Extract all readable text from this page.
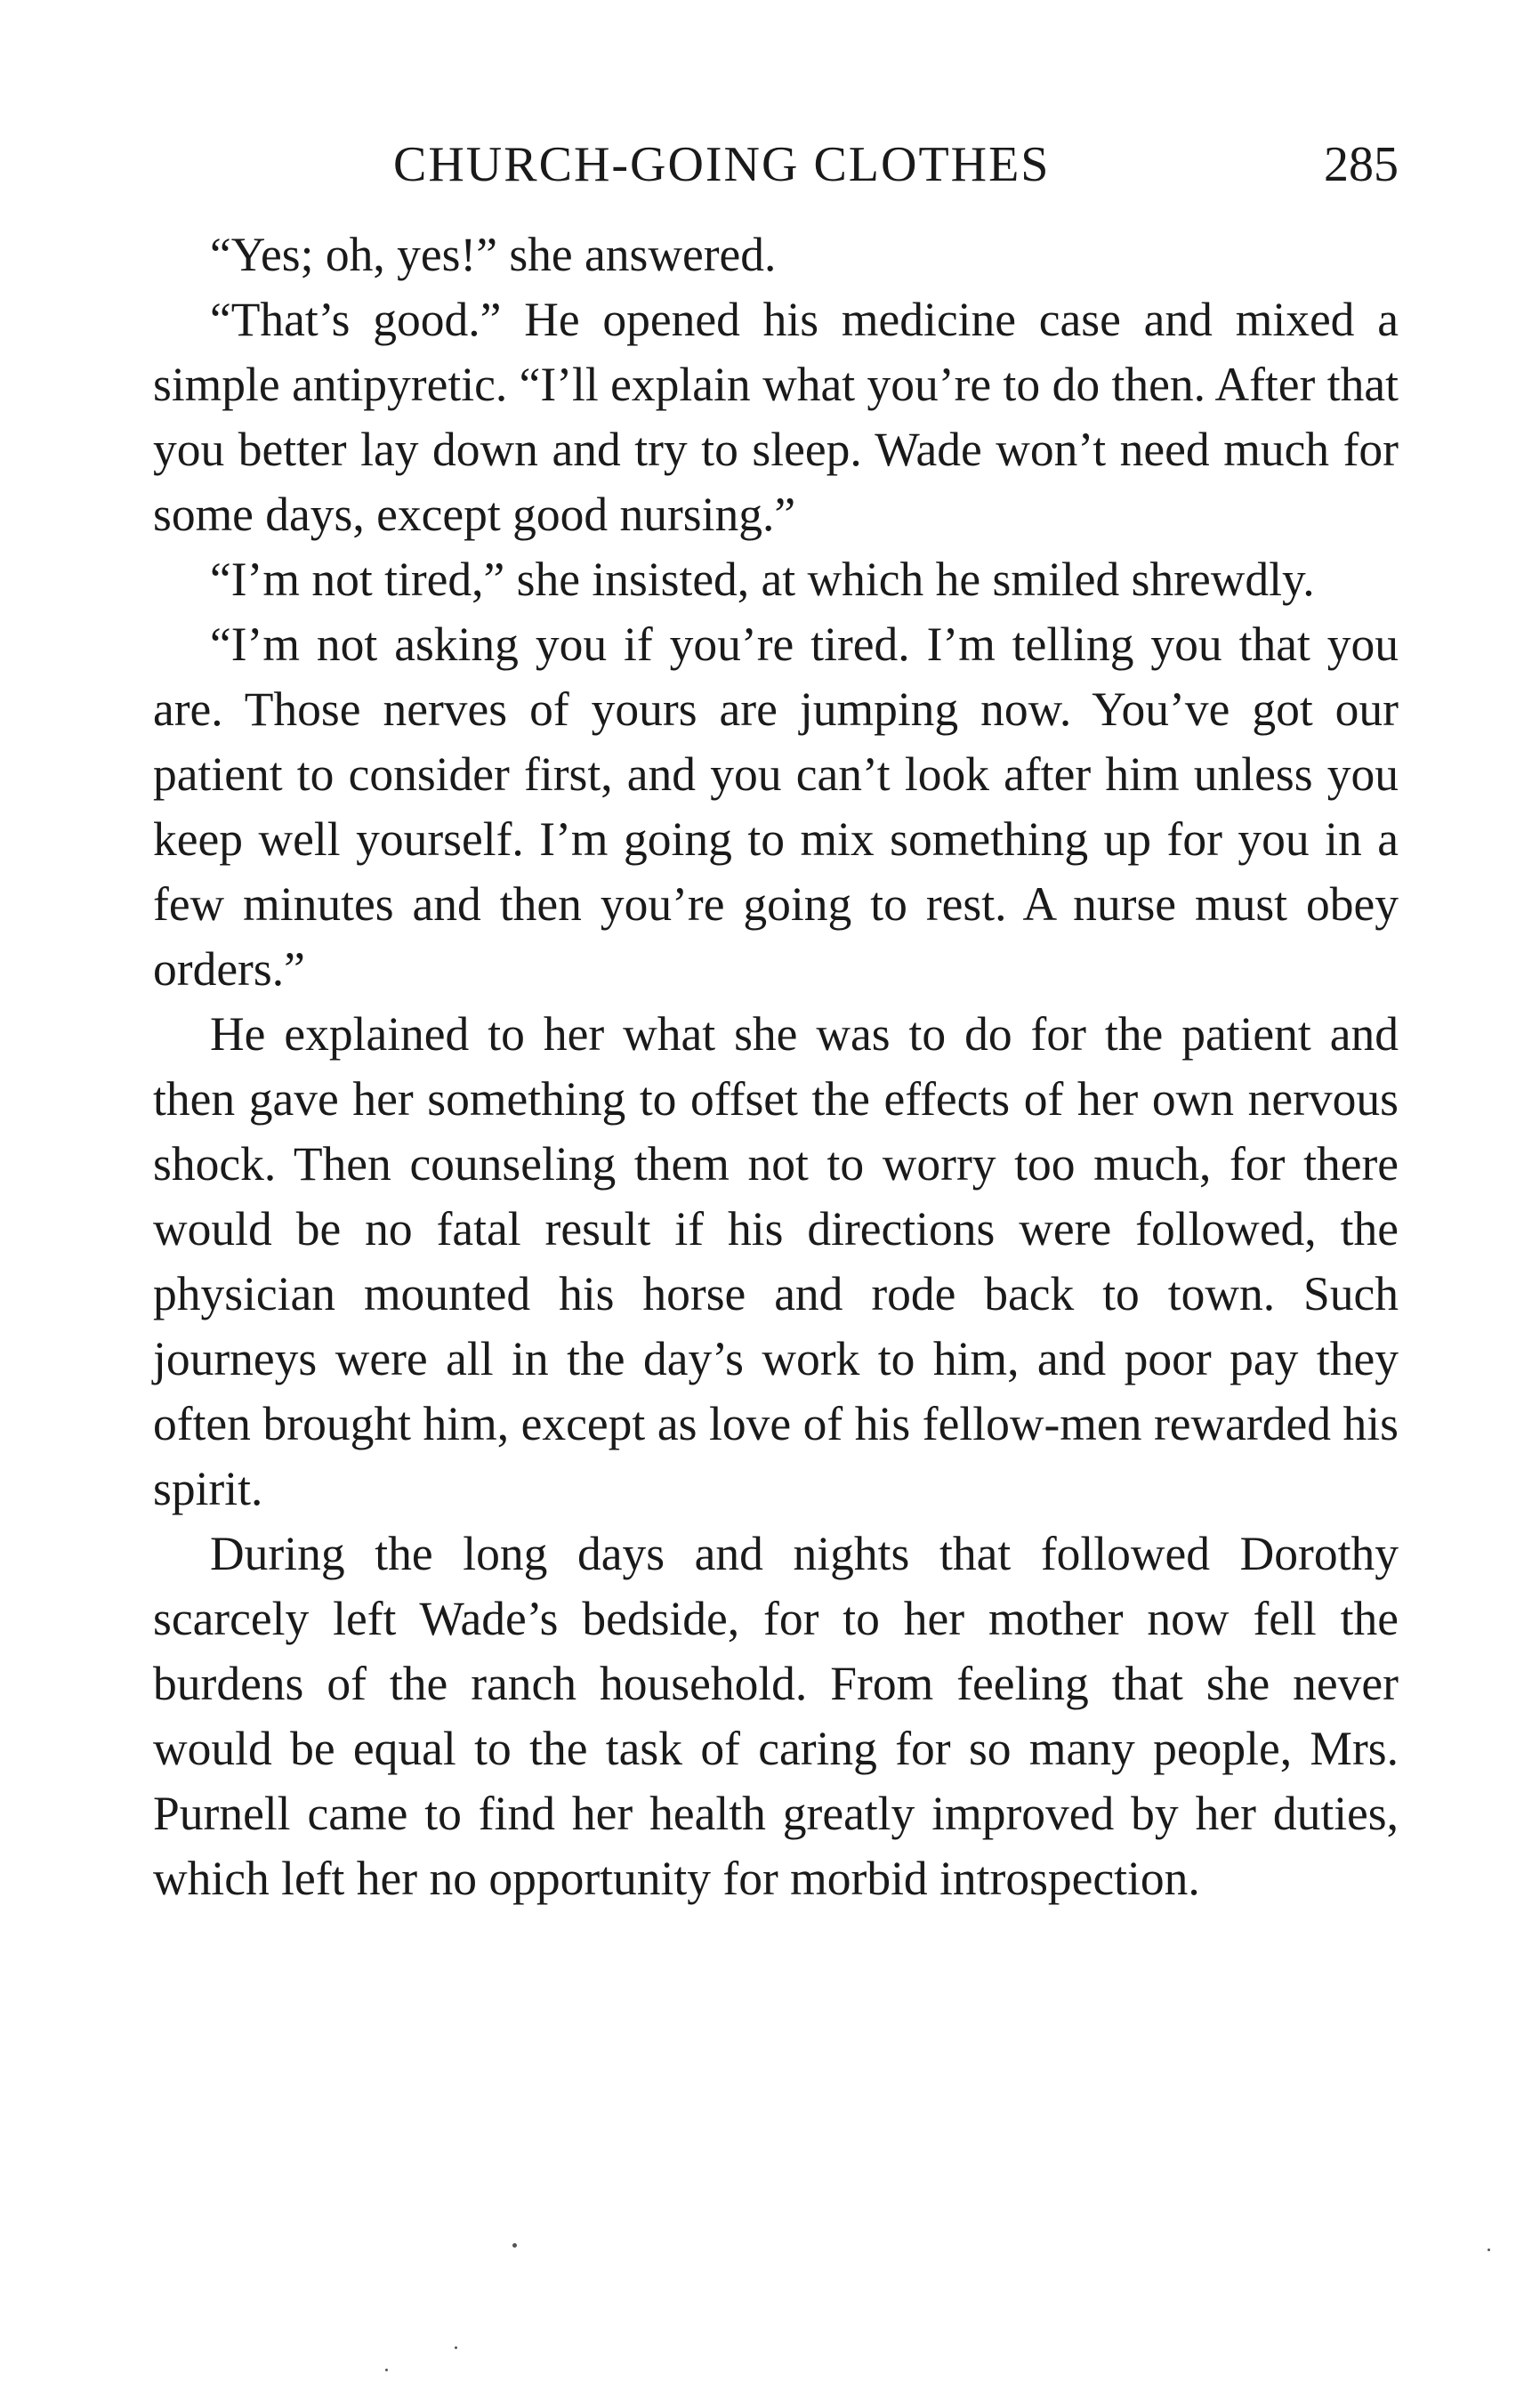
CHURCH-GOING CLOTHES	285

“Yes; oh, yes!” she answered.

“That’s good.” He opened his medicine case and mixed a simple antipyretic. “I’ll explain what you’re to do then. After that you better lay down and try to sleep. Wade won’t need much for some days, except good nursing.”

“I’m not tired,” she insisted, at which he smiled shrewdly.

“I’m not asking you if you’re tired. I’m telling you that you are. Those nerves of yours are jumping now. You’ve got our patient to consider first, and you can’t look after him unless you keep well yourself. I’m going to mix something up for you in a few minutes and then you’re going to rest. A nurse must obey orders.”

He explained to her what she was to do for the patient and then gave her something to offset the effects of her own nervous shock. Then counseling them not to worry too much, for there would be no fatal result if his directions were followed, the physician mounted his horse and rode back to town. Such journeys were all in the day’s work to him, and poor pay they often brought him, except as love of his fellow-men rewarded his spirit.

During the long days and nights that followed Dorothy scarcely left Wade’s bedside, for to her mother now fell the burdens of the ranch household. From feeling that she never would be equal to the task of caring for so many people, Mrs. Purnell came to find her health greatly improved by her duties, which left her no opportunity for morbid introspection.
